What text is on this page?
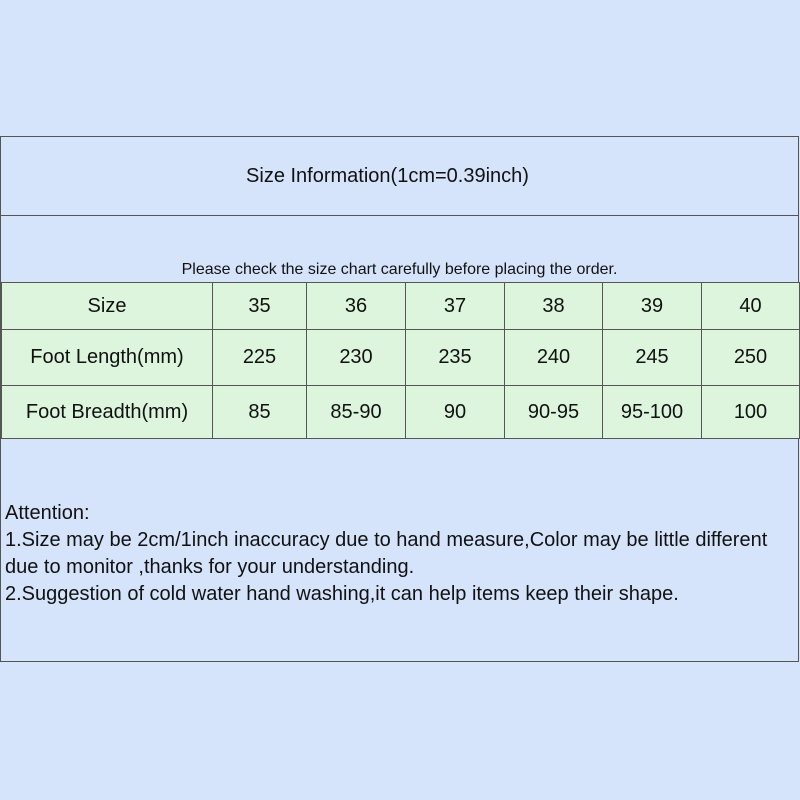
Size Information(1cm=0.39inch)
Please check the size chart carefully before placing the order.
Size	35	36	37	38	39	40
Foot Length(mm)	225	230	235	240	245	250
Foot Breadth(mm)	85	85-90	90	90-95	95-100	100
Attention:
1.Size may be 2cm/1inch inaccuracy due to hand measure,Color may be little different due to monitor ,thanks for your understanding.
2.Suggestion of cold water hand washing,it can help items keep their shape.
